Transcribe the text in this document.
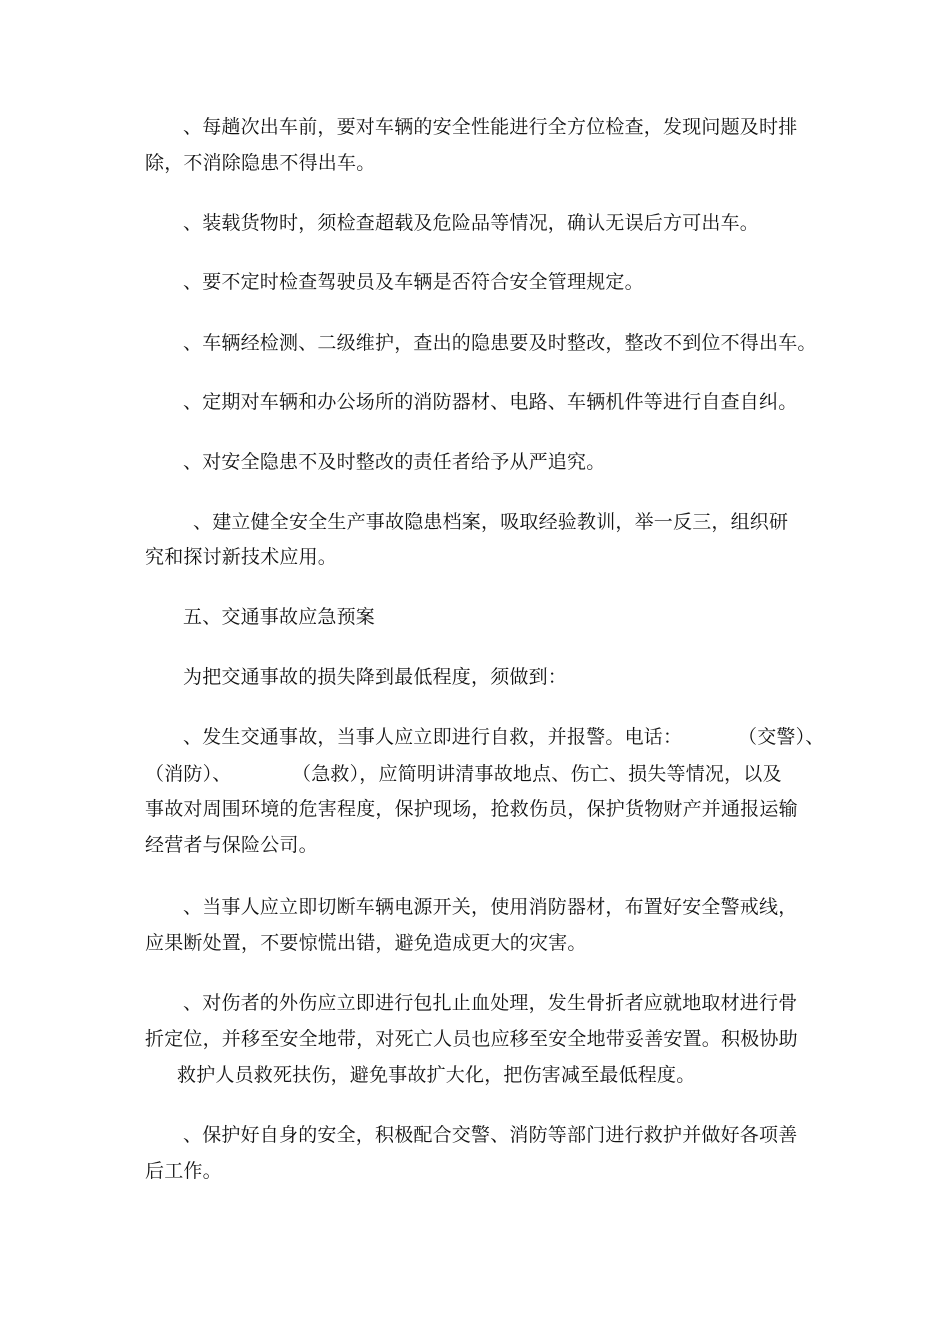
、每趟次出车前，要对车辆的安全性能进行全方位检查，发现问题及时排

除，不消除隐患不得出车。

、装载货物时，须检查超载及危险品等情况，确认无误后方可出车。

、要不定时检查驾驶员及车辆是否符合安全管理规定。

、车辆经检测、二级维护，查出的隐患要及时整改，整改不到位不得出车。

、定期对车辆和办公场所的消防器材、电路、车辆机件等进行自查自纠。

、对安全隐患不及时整改的责任者给予从严追究。

、建立健全安全生产事故隐患档案，吸取经验教训，举一反三，组织研

究和探讨新技术应用。

五、交通事故应急预案

为把交通事故的损失降到最低程度，须做到：

、发生交通事故，当事人应立即进行自救，并报警。电话：	（交警）、

（消防）、	（急救），应简明讲清事故地点、伤亡、损失等情况，以及

事故对周围环境的危害程度，保护现场，抢救伤员，保护货物财产并通报运输

经营者与保险公司。

、当事人应立即切断车辆电源开关，使用消防器材，布置好安全警戒线，

应果断处置，不要惊慌出错，避免造成更大的灾害。

、对伤者的外伤应立即进行包扎止血处理，发生骨折者应就地取材进行骨

折定位，并移至安全地带，对死亡人员也应移至安全地带妥善安置。积极协助

救护人员救死扶伤，避免事故扩大化，把伤害减至最低程度。

、保护好自身的安全，积极配合交警、消防等部门进行救护并做好各项善

后工作。
